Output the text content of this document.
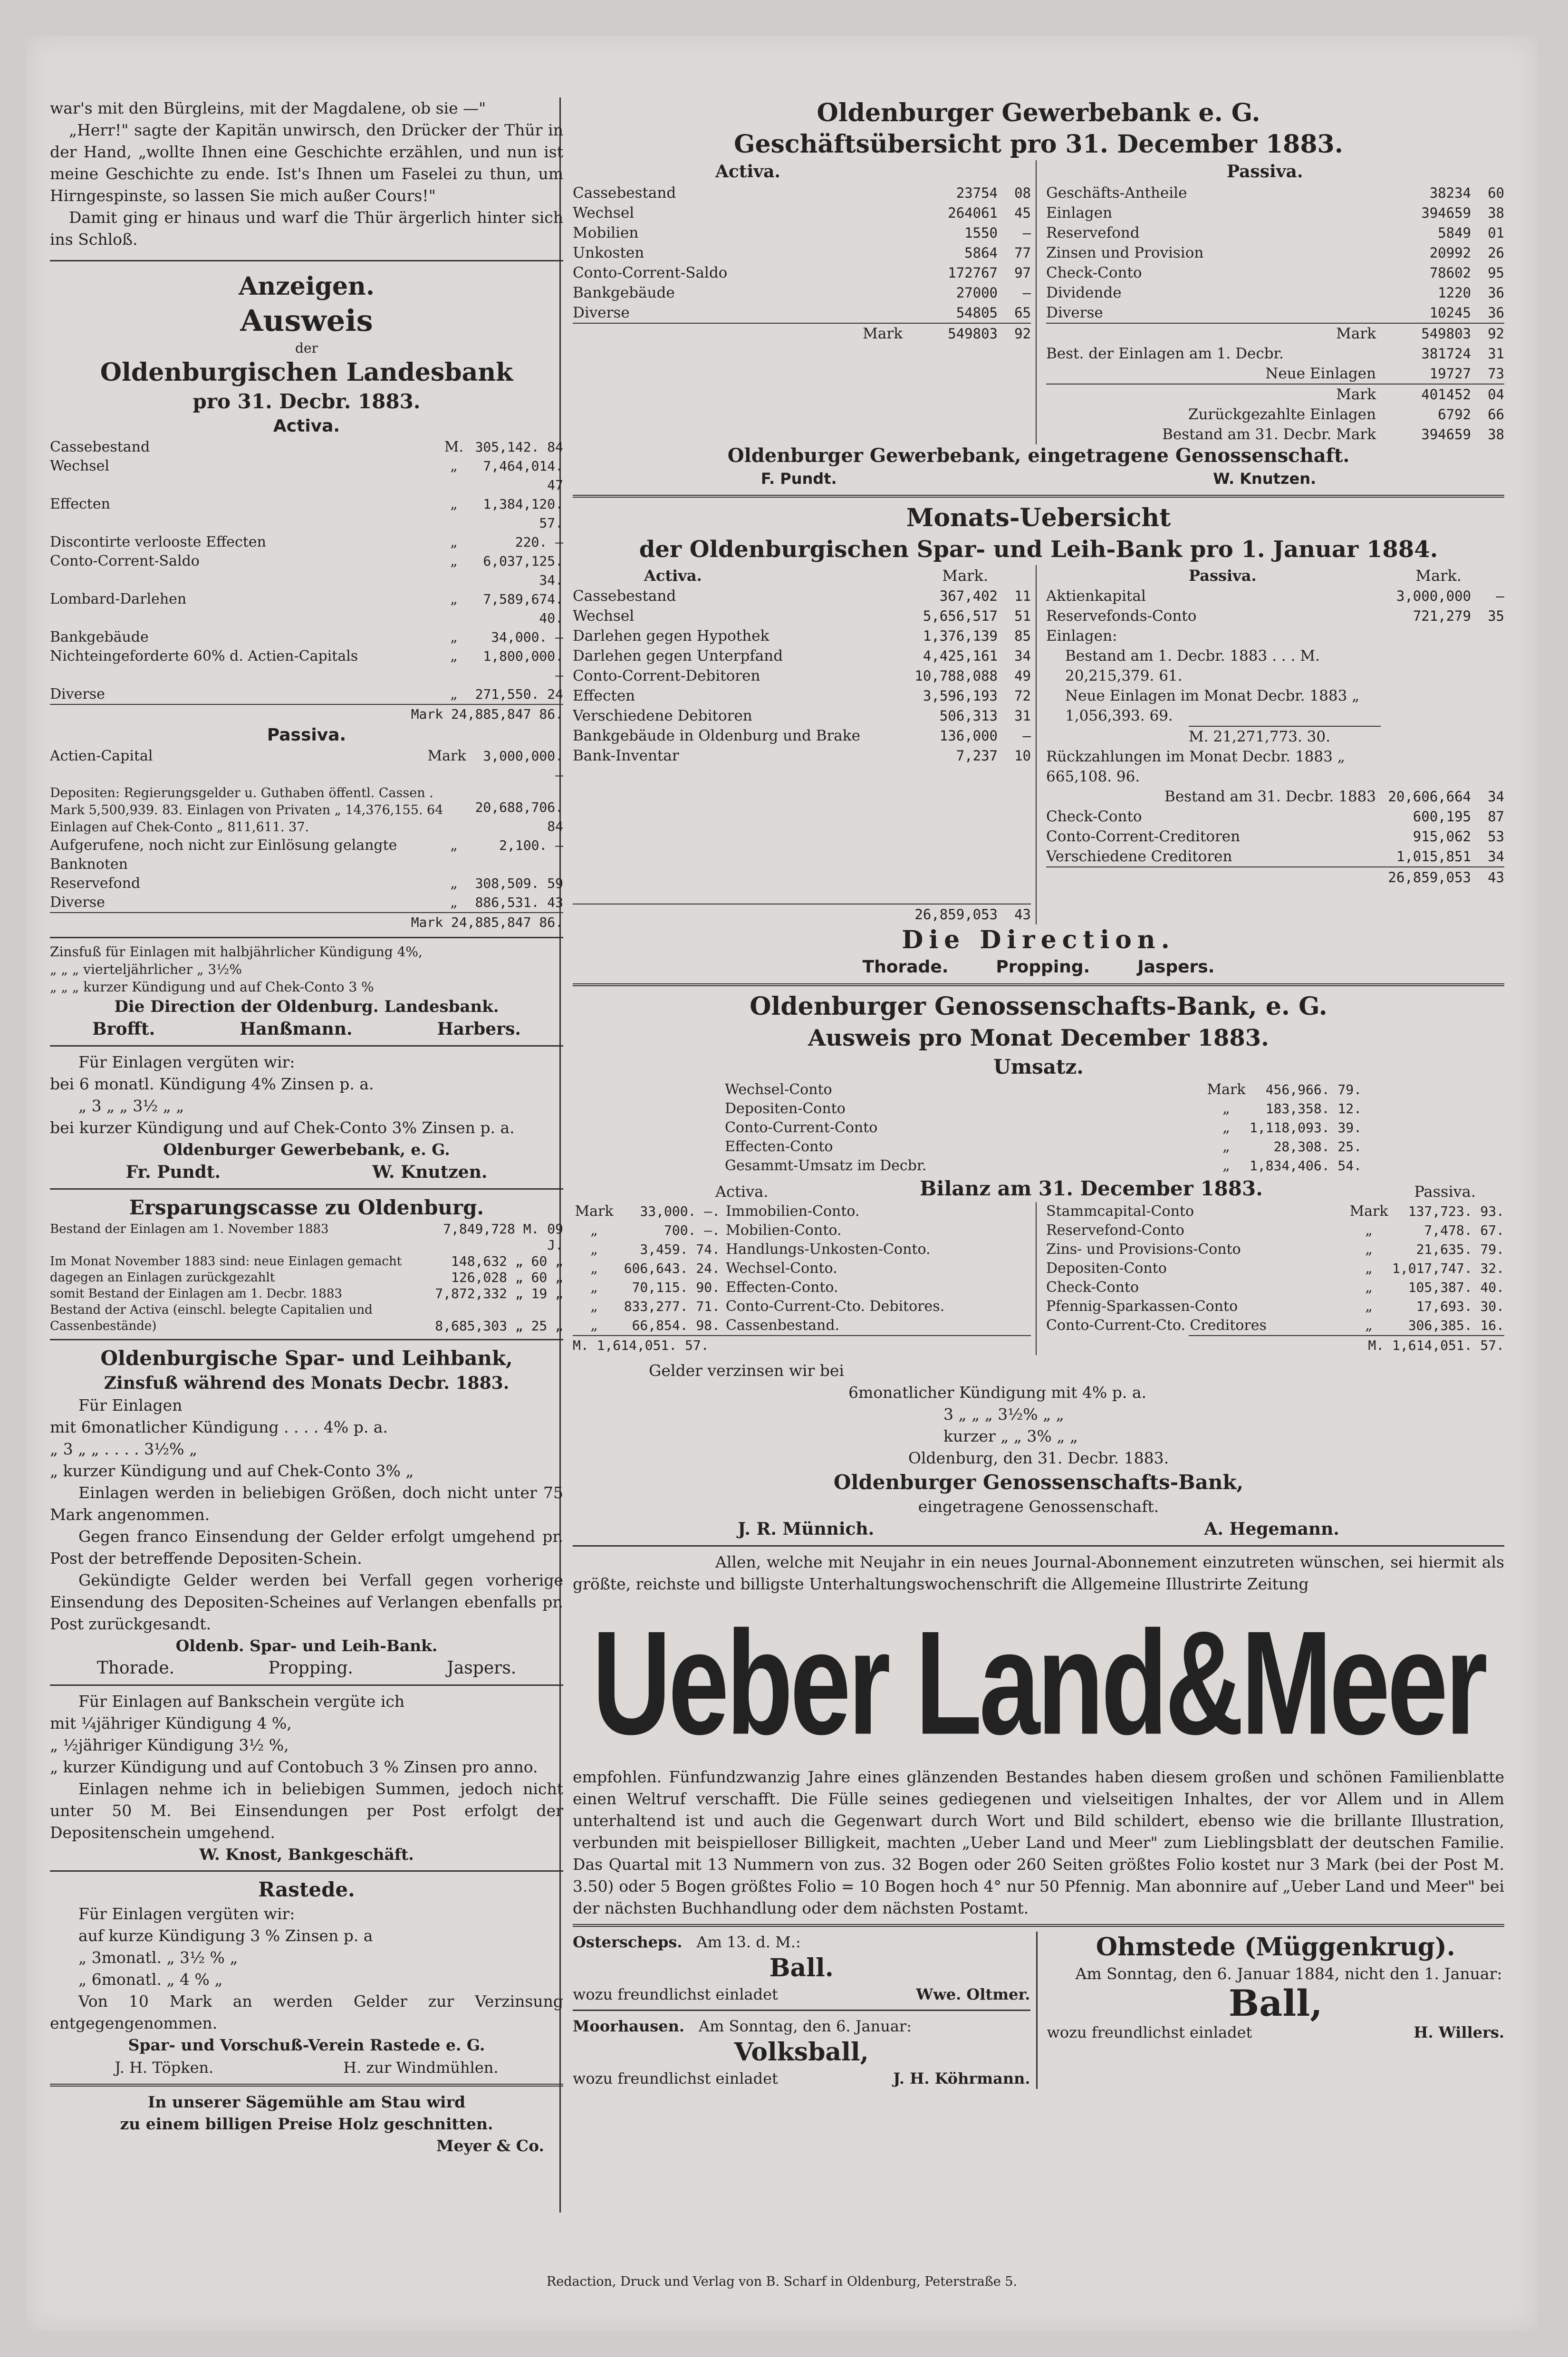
war's mit den Bürgleins, mit der Magdalene, ob sie —"

„Herr!" sagte der Kapitän unwirsch, den Drücker der Thür in der Hand, „wollte Ihnen eine Geschichte erzählen, und nun ist meine Geschichte zu ende. Ist's Ihnen um Faselei zu thun, um Hirngespinste, so lassen Sie mich außer Cours!"

Damit ging er hinaus und warf die Thür ärgerlich hinter sich ins Schloß.

Anzeigen.
Ausweis
der
Oldenburgischen Landesbank
pro 31. Decbr. 1883.
Activa.
Cassebestand	M. 305,142. 84
Wechsel	„	7,464,014. 47
Effecten	„	1,384,120. 57.
Discontirte verlooste Effecten	„	220. —
Conto-Corrent-Saldo	„	6,037,125. 34.
Lombard-Darlehen	„	7,589,674. 40.
Bankgebäude	„	34,000. —
Nichteingeforderte 60% d. Actien-Capitals	„	1,800,000. —
Diverse	„	271,550. 24
Mark 24,885,847 86.
Passiva.
Actien-Capital	Mark	3,000,000. —
Depositen: Regierungsgelder u. Guthaben öffentl. Cassen . Mark 5,500,939. 83. Einlagen von Privaten „ 14,376,155. 64 Einlagen auf Chek-Conto „ 811,611. 37.
20,688,706. 84
Aufgerufene, noch nicht zur Einlösung gelangte Banknoten
„	2,100. —
Reservefond	„	308,509. 59
Diverse	„	886,531. 43
Mark 24,885,847 86.

Zinsfuß für Einlagen mit halbjährlicher Kündigung 4%,

„ „ „ vierteljährlicher „ 3½%

„ „ „ kurzer Kündigung und auf Chek-Conto 3 %

Die Direction der Oldenburg. Landesbank.
Brofft.	Hanßmann.	Harbers.

Für Einlagen vergüten wir:

bei 6 monatl. Kündigung 4% Zinsen p. a.

„ 3 „ „ 3½ „ „

bei kurzer Kündigung und auf Chek-Conto 3% Zinsen p. a.

Oldenburger Gewerbebank, e. G.
Fr. Pundt.	W. Knutzen.
Ersparungscasse zu Oldenburg.
Bestand der Einlagen am 1. November 1883	7,849,728 M. 09 J.
Im Monat November 1883 sind: neue Einlagen gemacht	148,632 „ 60 „
dagegen an Einlagen zurückgezahlt	126,028 „ 60 „
somit Bestand der Einlagen am 1. Decbr. 1883	7,872,332 „ 19 „
Bestand der Activa (einschl. belegte Capitalien und Cassenbestände)	8,685,303 „ 25 „
Oldenburgische Spar- und Leihbank,
Zinsfuß während des Monats Decbr. 1883.

Für Einlagen

mit 6monatlicher Kündigung . . . . 4% p. a.

„ 3 „ „ . . . . 3½% „

„ kurzer Kündigung und auf Chek-Conto 3% „

Einlagen werden in beliebigen Größen, doch nicht unter 75 Mark angenommen.

Gegen franco Einsendung der Gelder erfolgt umgehend pr. Post der betreffende Depositen-Schein.

Gekündigte Gelder werden bei Verfall gegen vorherige Einsendung des Depositen-Scheines auf Verlangen ebenfalls pr. Post zurückgesandt.

Oldenb. Spar- und Leih-Bank.
Thorade.	Propping.	Jaspers.

Für Einlagen auf Bankschein vergüte ich

mit ¼jähriger Kündigung 4 %,

„ ½jähriger Kündigung 3½ %,

„ kurzer Kündigung und auf Contobuch 3 % Zinsen pro anno.

Einlagen nehme ich in beliebigen Summen, jedoch nicht unter 50 M. Bei Einsendungen per Post erfolgt der Depositenschein umgehend.

W. Knost, Bankgeschäft.
Rastede.

Für Einlagen vergüten wir:

auf kurze Kündigung 3 % Zinsen p. a

„ 3monatl. „ 3½ % „

„ 6monatl. „ 4 % „

Von 10 Mark an werden Gelder zur Verzinsung entgegengenommen.

Spar- und Vorschuß-Verein Rastede e. G.
J. H. Töpken.	H. zur Windmühlen.
In unserer Sägemühle am Stau wird
zu einem billigen Preise Holz geschnitten.
Meyer & Co.
Oldenburger Gewerbebank e. G.
Geschäftsübersicht pro 31. December 1883.
Activa.
Cassebestand	23754	08
Wechsel	264061	45
Mobilien	1550	—
Unkosten	5864	77
Conto-Corrent-Saldo	172767	97
Bankgebäude	27000	—
Diverse	54805	65
Mark	549803	92
Passiva.
Geschäfts-Antheile	38234	60
Einlagen	394659	38
Reservefond	5849	01
Zinsen und Provision	20992	26
Check-Conto	78602	95
Dividende	1220	36
Diverse	10245	36
Mark	549803	92
Best. der Einlagen am 1. Decbr.	381724	31
Neue Einlagen	19727	73
Mark	401452	04
Zurückgezahlte Einlagen	6792	66
Bestand am 31. Decbr. Mark	394659	38
Oldenburger Gewerbebank, eingetragene Genossenschaft.
F. Pundt.	W. Knutzen.
Monats-Uebersicht
der Oldenburgischen Spar- und Leih-Bank pro 1. Januar 1884.
Activa.	Mark.
Cassebestand	367,402	11
Wechsel	5,656,517	51
Darlehen gegen Hypothek	1,376,139	85
Darlehen gegen Unterpfand	4,425,161	34
Conto-Corrent-Debitoren	10,788,088	49
Effecten	3,596,193	72
Verschiedene Debitoren	506,313	31
Bankgebäude in Oldenburg und Brake	136,000	—
Bank-Inventar	7,237	10
26,859,053	43
Passiva.	Mark.
Aktienkapital	3,000,000	—
Reservefonds-Conto	721,279	35
Einlagen:
Bestand am 1. Decbr. 1883 . . . M. 20,215,379. 61.
Neue Einlagen im Monat Decbr. 1883 „ 1,056,393. 69.
M. 21,271,773. 30.
Rückzahlungen im Monat Decbr. 1883 „ 665,108. 96.
Bestand am 31. Decbr. 1883 20,606,664	34
Check-Conto	600,195	87
Conto-Corrent-Creditoren	915,062	53
Verschiedene Creditoren	1,015,851	34
26,859,053	43
Die Direction.
Thorade.	Propping.	Jaspers.
Oldenburger Genossenschafts-Bank, e. G.
Ausweis pro Monat December 1883.
Umsatz.
Wechsel-Conto	Mark	456,966. 79.
Depositen-Conto	„	183,358. 12.
Conto-Current-Conto	„	1,118,093. 39.
Effecten-Conto	„	28,308. 25.
Gesammt-Umsatz im Decbr.	„	1,834,406. 54.
Activa.	Bilanz am 31. December 1883.	Passiva.
Mark	33,000. —. Immobilien-Conto.
„	700. —. Mobilien-Conto.
„	3,459. 74. Handlungs-Unkosten-Conto.
„	606,643. 24. Wechsel-Conto.
„	70,115. 90. Effecten-Conto.
„	833,277. 71. Conto-Current-Cto. Debitores.
„	66,854. 98. Cassenbestand.
M. 1,614,051. 57.
Stammcapital-Conto	Mark	137,723. 93.
Reservefond-Conto	„	7,478. 67.
Zins- und Provisions-Conto	„	21,635. 79.
Depositen-Conto	„	1,017,747. 32.
Check-Conto	„	105,387. 40.
Pfennig-Sparkassen-Conto	„	17,693. 30.
Conto-Current-Cto. Creditores	„	306,385. 16.
M. 1,614,051. 57.

Gelder verzinsen wir bei

6monatlicher Kündigung mit 4% p. a.

3 „ „ „ 3½% „ „

kurzer „ „ 3% „ „

Oldenburg, den 31. Decbr. 1883.
Oldenburger Genossenschafts-Bank,
eingetragene Genossenschaft.
J. R. Münnich.	A. Hegemann.

Allen, welche mit Neujahr in ein neues Journal-Abonnement einzutreten wünschen, sei hiermit als größte, reichste und billigste Unterhaltungswochenschrift die Allgemeine Illustrirte Zeitung

Ueber Land&Meer

empfohlen. Fünfundzwanzig Jahre eines glänzenden Bestandes haben diesem großen und schönen Familienblatte einen Weltruf verschafft. Die Fülle seines gediegenen und vielseitigen Inhaltes, der vor Allem und in Allem unterhaltend ist und auch die Gegenwart durch Wort und Bild schildert, ebenso wie die brillante Illustration, verbunden mit beispielloser Billigkeit, machten „Ueber Land und Meer" zum Lieblingsblatt der deutschen Familie. Das Quartal mit 13 Nummern von zus. 32 Bogen oder 260 Seiten größtes Folio kostet nur 3 Mark (bei der Post M. 3.50) oder 5 Bogen größtes Folio = 10 Bogen hoch 4° nur 50 Pfennig. Man abonnire auf „Ueber Land und Meer" bei der nächsten Buchhandlung oder dem nächsten Postamt.

Osterscheps. Am 13. d. M.:
Ball.
wozu freundlichst einladet	Wwe. Oltmer.
Moorhausen. Am Sonntag, den 6. Januar:
Volksball,
wozu freundlichst einladet	J. H. Köhrmann.
Ohmstede (Müggenkrug).

Am Sonntag, den 6. Januar 1884, nicht den 1. Januar:

Ball,
wozu freundlichst einladet	H. Willers.
Redaction, Druck und Verlag von B. Scharf in Oldenburg, Peterstraße 5.
